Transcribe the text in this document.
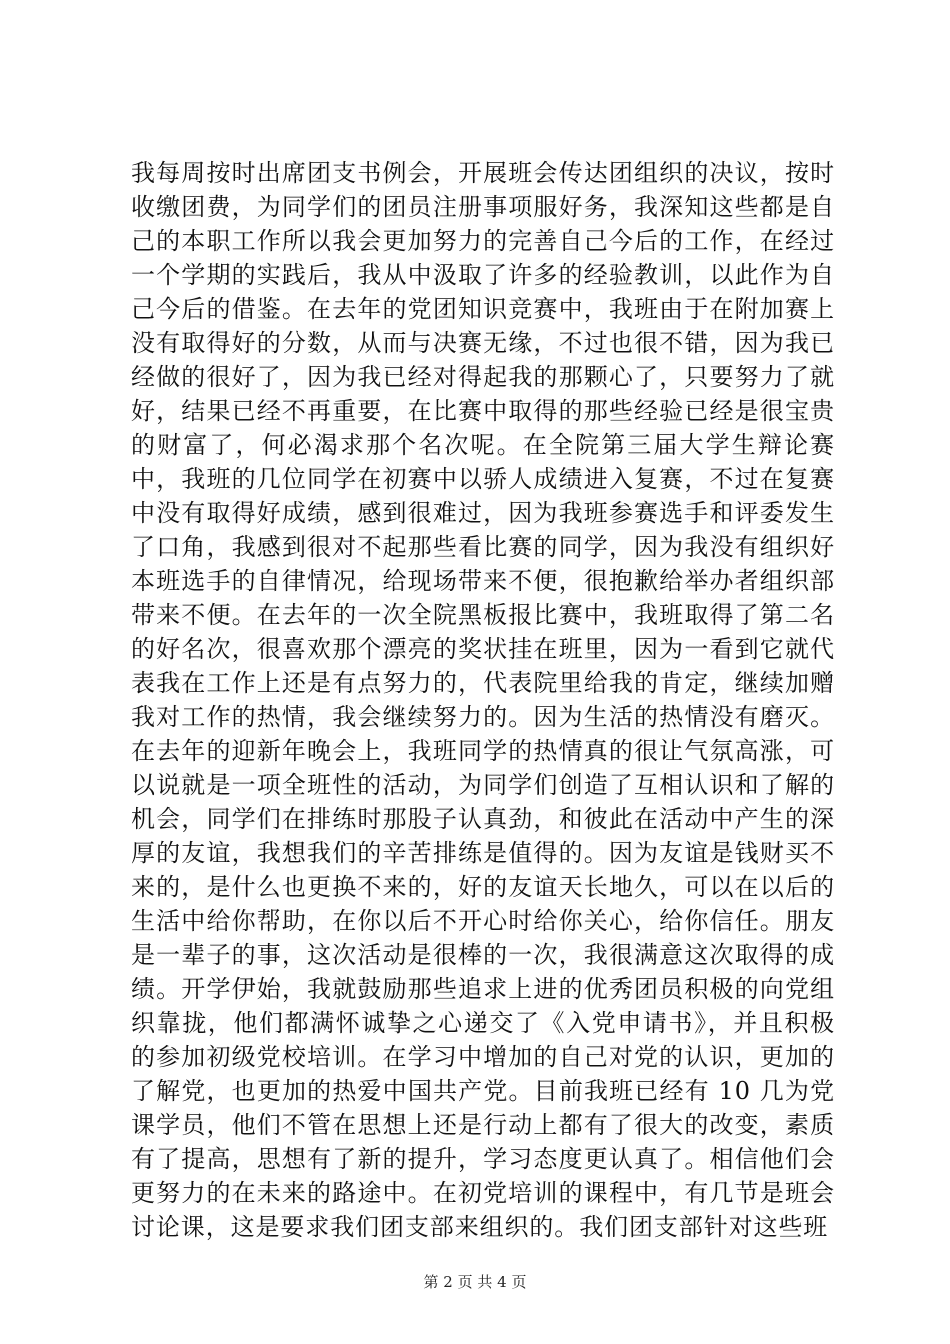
我每周按时出席团支书例会，开展班会传达团组织的决议，按时收缴团费，为同学们的团员注册事项服好务，我深知这些都是自己的本职工作所以我会更加努力的完善自己今后的工作，在经过一个学期的实践后，我从中汲取了许多的经验教训，以此作为自己今后的借鉴。在去年的党团知识竞赛中，我班由于在附加赛上没有取得好的分数，从而与决赛无缘，不过也很不错，因为我已经做的很好了，因为我已经对得起我的那颗心了，只要努力了就好，结果已经不再重要，在比赛中取得的那些经验已经是很宝贵的财富了，何必渴求那个名次呢。在全院第三届大学生辩论赛中，我班的几位同学在初赛中以骄人成绩进入复赛，不过在复赛中没有取得好成绩，感到很难过，因为我班参赛选手和评委发生了口角，我感到很对不起那些看比赛的同学，因为我没有组织好本班选手的自律情况，给现场带来不便，很抱歉给举办者组织部带来不便。在去年的一次全院黑板报比赛中，我班取得了第二名的好名次，很喜欢那个漂亮的奖状挂在班里，因为一看到它就代表我在工作上还是有点努力的，代表院里给我的肯定，继续加赠我对工作的热情，我会继续努力的。因为生活的热情没有磨灭。在去年的迎新年晚会上，我班同学的热情真的很让气氛高涨，可以说就是一项全班性的活动，为同学们创造了互相认识和了解的机会，同学们在排练时那股子认真劲，和彼此在活动中产生的深厚的友谊，我想我们的辛苦排练是值得的。因为友谊是钱财买不来的，是什么也更换不来的，好的友谊天长地久，可以在以后的生活中给你帮助，在你以后不开心时给你关心，给你信任。朋友是一辈子的事，这次活动是很棒的一次，我很满意这次取得的成绩。开学伊始，我就鼓励那些追求上进的优秀团员积极的向党组织靠拢，他们都满怀诚挚之心递交了《入党申请书》，并且积极的参加初级党校培训。在学习中增加的自己对党的认识，更加的了解党，也更加的热爱中国共产党。目前我班已经有 10 几为党课学员，他们不管在思想上还是行动上都有了很大的改变，素质有了提高，思想有了新的提升，学习态度更认真了。相信他们会更努力的在未来的路途中。在初党培训的课程中，有几节是班会讨论课，这是要求我们团支部来组织的。我们团支部针对这些班

第 2 页 共 4 页
